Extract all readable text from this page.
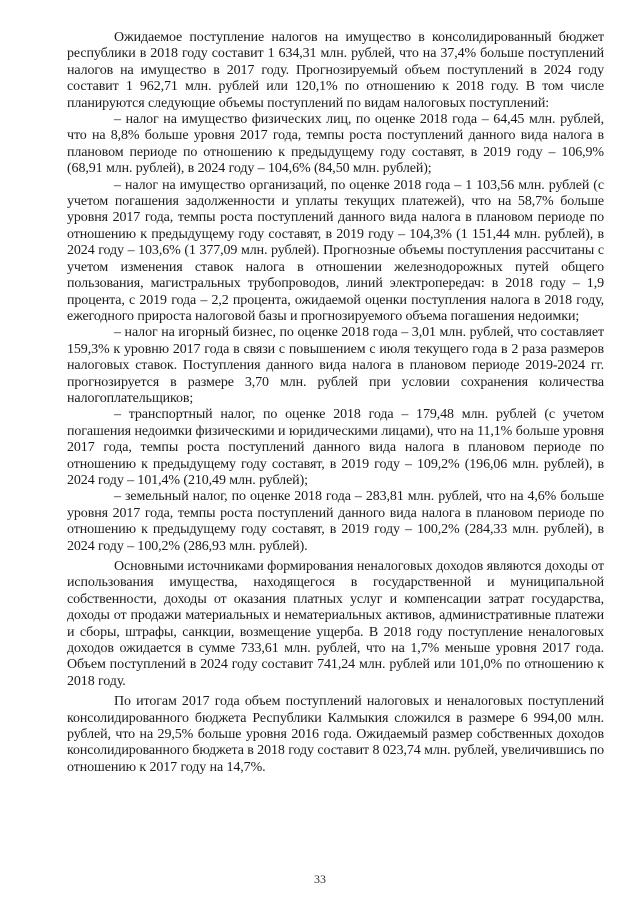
Ожидаемое поступление налогов на имущество в консолидированный бюджет республики в 2018 году составит 1 634,31 млн. рублей, что на 37,4% больше поступлений налогов на имущество в 2017 году. Прогнозируемый объем поступлений в 2024 году составит 1 962,71 млн. рублей или 120,1% по отношению к 2018 году. В том числе планируются следующие объемы поступлений по видам налоговых поступлений:

– налог на имущество физических лиц, по оценке 2018 года – 64,45 млн. рублей, что на 8,8% больше уровня 2017 года, темпы роста поступлений данного вида налога в плановом периоде по отношению к предыдущему году составят, в 2019 году – 106,9% (68,91 млн. рублей), в 2024 году – 104,6% (84,50 млн. рублей);

– налог на имущество организаций, по оценке 2018 года – 1 103,56 млн. рублей (с учетом погашения задолженности и уплаты текущих платежей), что на 58,7% больше уровня 2017 года, темпы роста поступлений данного вида налога в плановом периоде по отношению к предыдущему году составят, в 2019 году – 104,3% (1 151,44 млн. рублей), в 2024 году – 103,6% (1 377,09 млн. рублей). Прогнозные объемы поступления рассчитаны с учетом изменения ставок налога в отношении железнодорожных путей общего пользования, магистральных трубопроводов, линий электропередач: в 2018 году – 1,9 процента, с 2019 года – 2,2 процента, ожидаемой оценки поступления налога в 2018 году, ежегодного прироста налоговой базы и прогнозируемого объема погашения недоимки;

– налог на игорный бизнес, по оценке 2018 года – 3,01 млн. рублей, что составляет 159,3% к уровню 2017 года в связи с повышением с июля текущего года в 2 раза размеров налоговых ставок. Поступления данного вида налога в плановом периоде 2019-2024 гг. прогнозируется в размере 3,70 млн. рублей при условии сохранения количества налогоплательщиков;

– транспортный налог, по оценке 2018 года – 179,48 млн. рублей (с учетом погашения недоимки физическими и юридическими лицами), что на 11,1% больше уровня 2017 года, темпы роста поступлений данного вида налога в плановом периоде по отношению к предыдущему году составят, в 2019 году – 109,2% (196,06 млн. рублей), в 2024 году – 101,4% (210,49 млн. рублей);

– земельный налог, по оценке 2018 года – 283,81 млн. рублей, что на 4,6% больше уровня 2017 года, темпы роста поступлений данного вида налога в плановом периоде по отношению к предыдущему году составят, в 2019 году – 100,2% (284,33 млн. рублей), в 2024 году – 100,2% (286,93 млн. рублей).

Основными источниками формирования неналоговых доходов являются доходы от использования имущества, находящегося в государственной и муниципальной собственности, доходы от оказания платных услуг и компенсации затрат государства, доходы от продажи материальных и нематериальных активов, административные платежи и сборы, штрафы, санкции, возмещение ущерба. В 2018 году поступление неналоговых доходов ожидается в сумме 733,61 млн. рублей, что на 1,7% меньше уровня 2017 года. Объем поступлений в 2024 году составит 741,24 млн. рублей или 101,0% по отношению к 2018 году.

По итогам 2017 года объем поступлений налоговых и неналоговых поступлений консолидированного бюджета Республики Калмыкия сложился в размере 6 994,00 млн. рублей, что на 29,5% больше уровня 2016 года. Ожидаемый размер собственных доходов консолидированного бюджета в 2018 году составит 8 023,74 млн. рублей, увеличившись по отношению к 2017 году на 14,7%.

33
